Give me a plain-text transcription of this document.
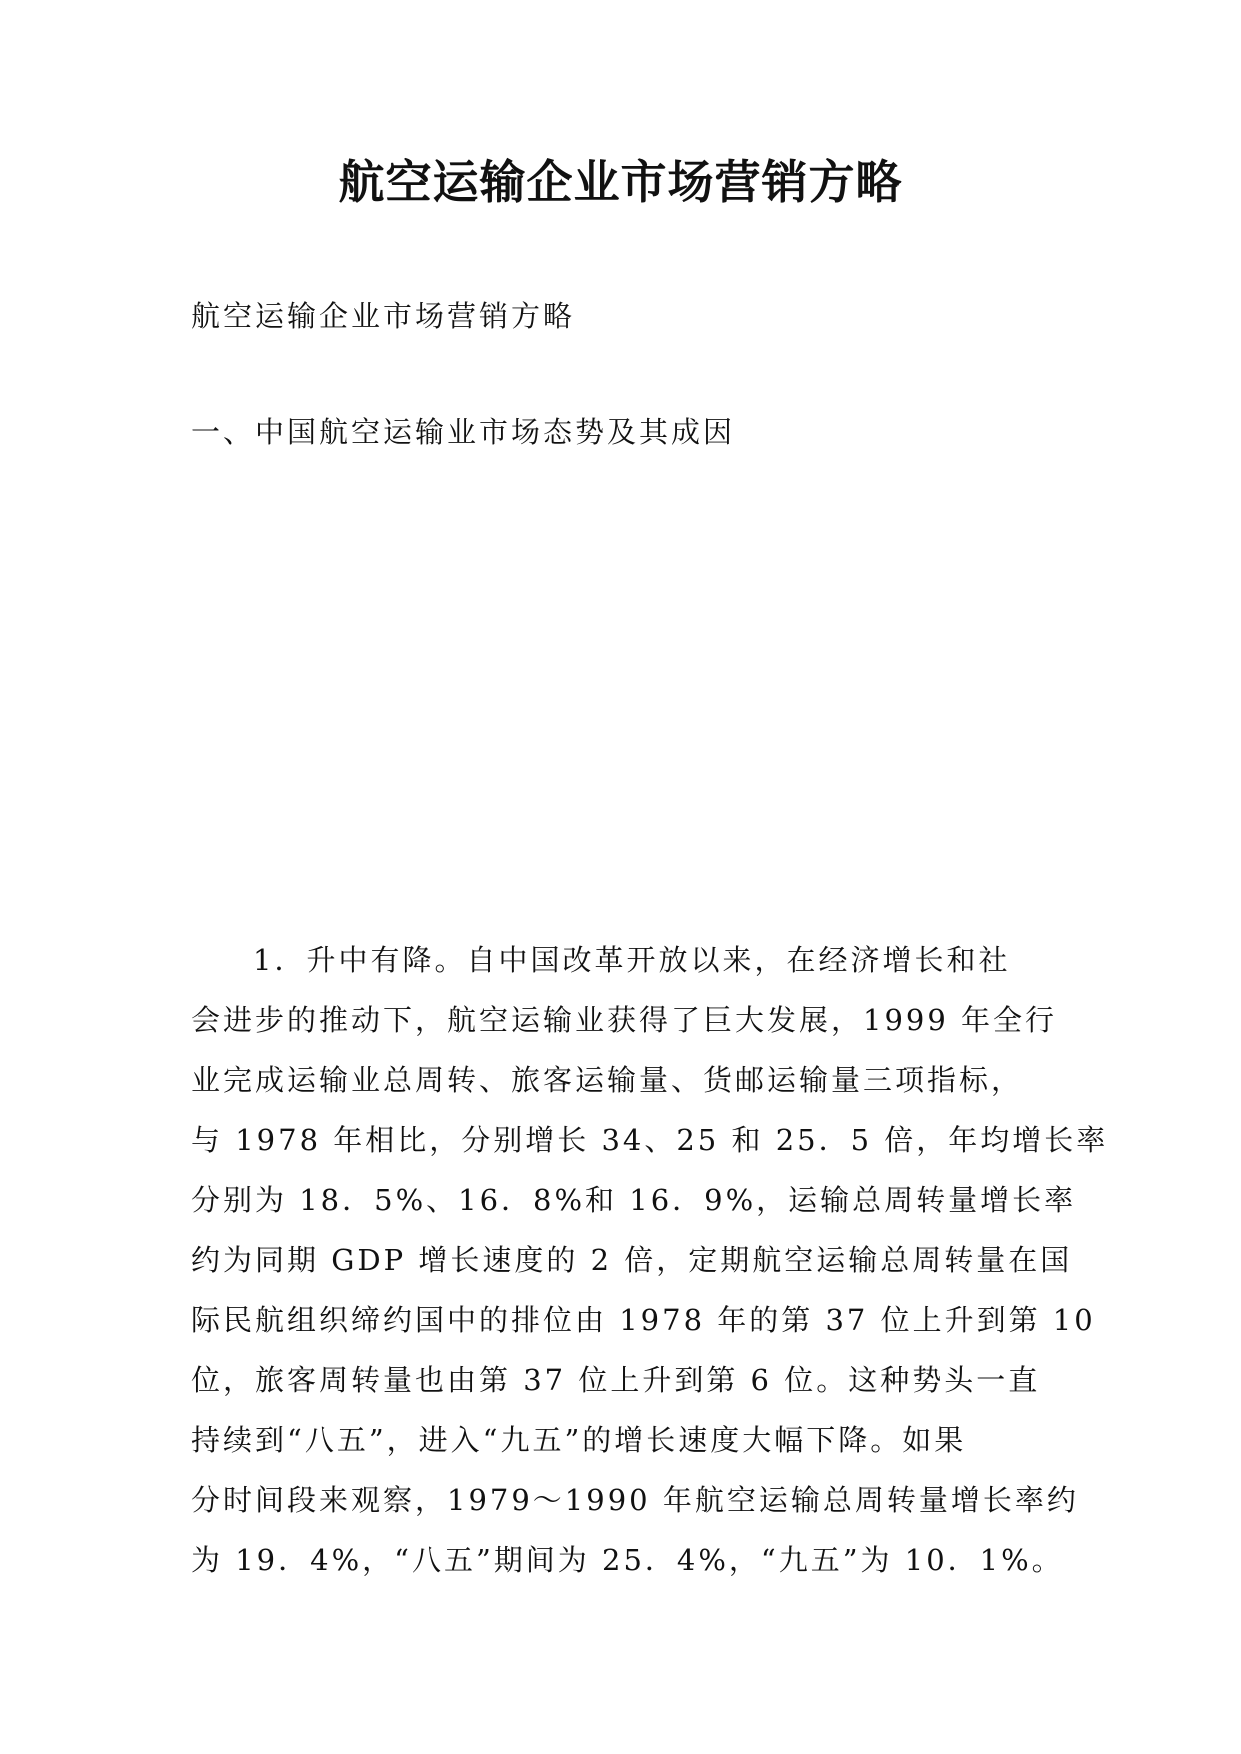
航空运输企业市场营销方略

航空运输企业市场营销方略

一、中国航空运输业市场态势及其成因

1．升中有降。自中国改革开放以来，在经济增长和社
会进步的推动下，航空运输业获得了巨大发展，1999 年全行
业完成运输业总周转、旅客运输量、货邮运输量三项指标，
与 1978 年相比，分别增长 34、25 和 25．5 倍，年均增长率
分别为 18．5%、16．8%和 16．9%，运输总周转量增长率
约为同期 GDP 增长速度的 2 倍，定期航空运输总周转量在国
际民航组织缔约国中的排位由 1978 年的第 37 位上升到第 10
位，旅客周转量也由第 37 位上升到第 6 位。这种势头一直
持续到“八五”，进入“九五”的增长速度大幅下降。如果
分时间段来观察，1979～1990 年航空运输总周转量增长率约
为 19．4%，“八五”期间为 25．4%，“九五”为 10．1%。
